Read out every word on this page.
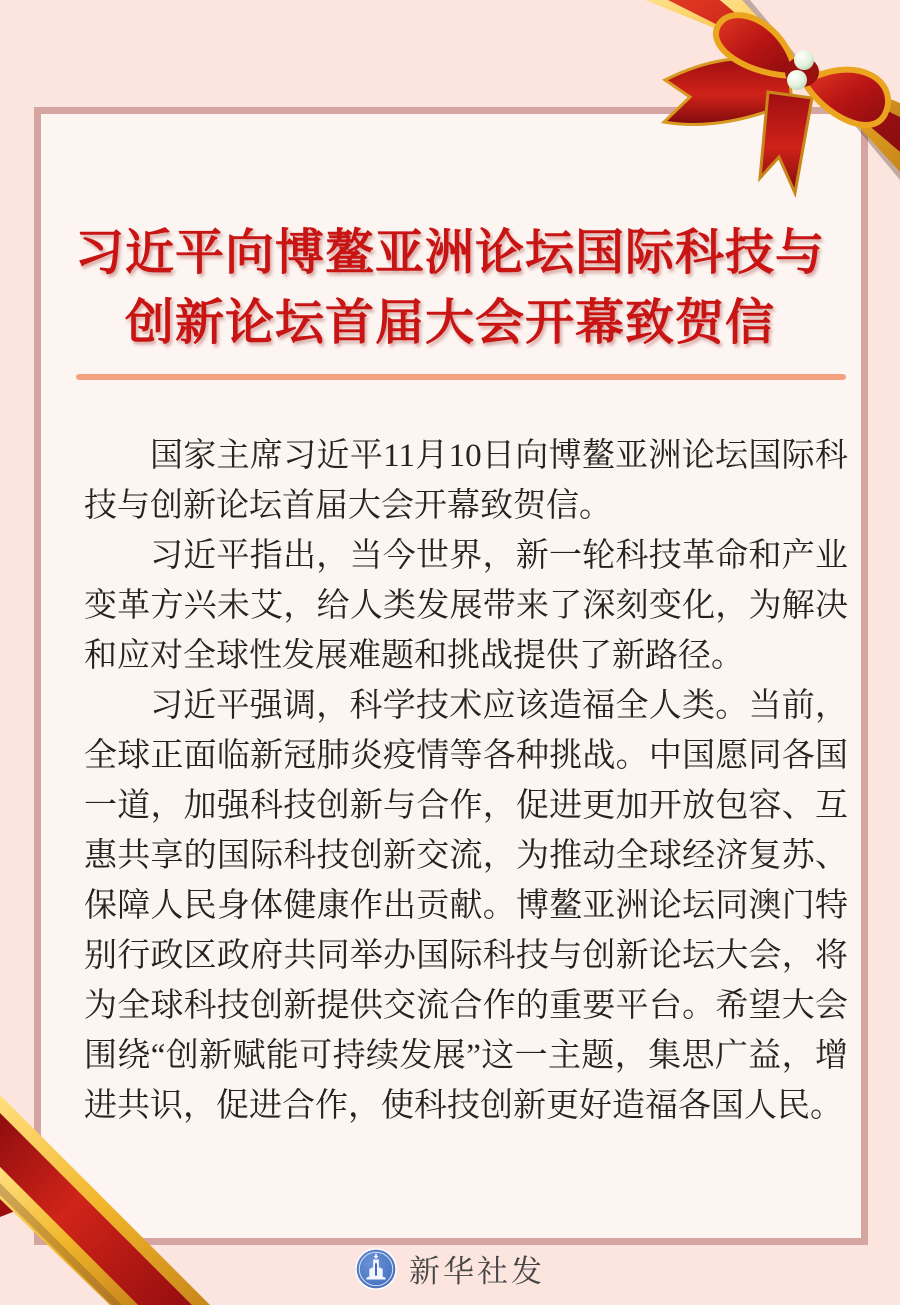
习近平向博鳌亚洲论坛国际科技与
创新论坛首届大会开幕致贺信

国家主席习近平11月10日向博鳌亚洲论坛国际科技与创新论坛首届大会开幕致贺信。

习近平指出，当今世界，新一轮科技革命和产业变革方兴未艾，给人类发展带来了深刻变化，为解决和应对全球性发展难题和挑战提供了新路径。

习近平强调，科学技术应该造福全人类。当前，全球正面临新冠肺炎疫情等各种挑战。中国愿同各国一道，加强科技创新与合作，促进更加开放包容、互惠共享的国际科技创新交流，为推动全球经济复苏、保障人民身体健康作出贡献。博鳌亚洲论坛同澳门特别行政区政府共同举办国际科技与创新论坛大会，将为全球科技创新提供交流合作的重要平台。希望大会围绕“创新赋能可持续发展”这一主题，集思广益，增进共识，促进合作，使科技创新更好造福各国人民。

新华社发
